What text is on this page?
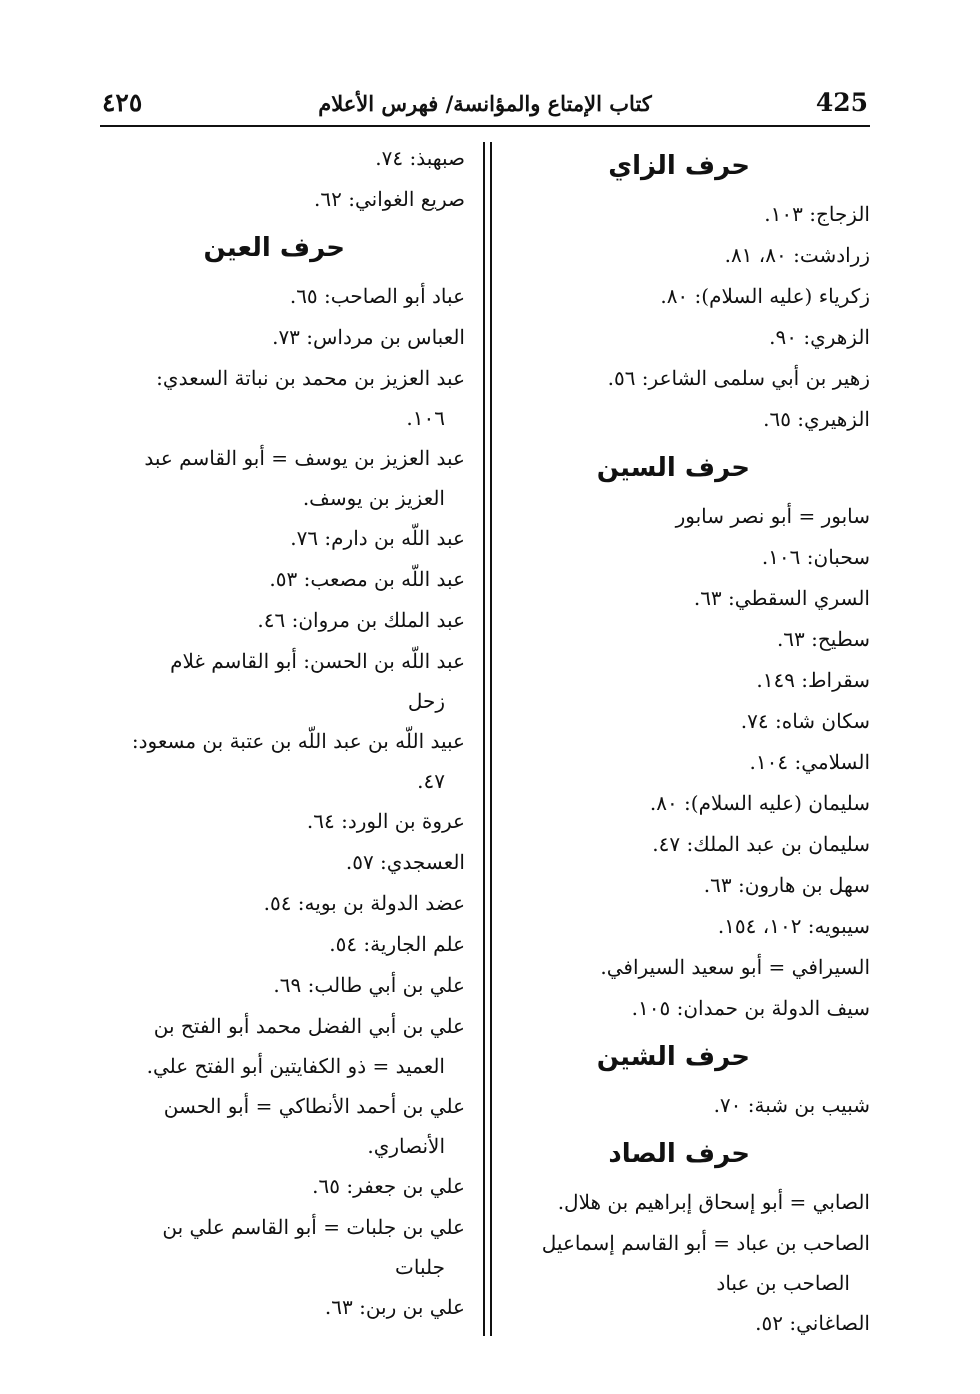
425
كتاب الإمتاع والمؤانسة/ فهرس الأعلام
٤٢٥
حرف الزاي
الزجاج: ١٠٣.
زرادشت: ٨٠، ٨١.
زكرياء (عليه السلام): ٨٠.
الزهري: ٩٠.
زهير بن أبي سلمى الشاعر: ٥٦.
الزهيري: ٦٥.
حرف السين
سابور = أبو نصر سابور
سحبان: ١٠٦.
السري السقطي: ٦٣.
سطيح: ٦٣.
سقراط: ١٤٩.
سكان شاه: ٧٤.
السلامي: ١٠٤.
سليمان (عليه السلام): ٨٠.
سليمان بن عبد الملك: ٤٧.
سهل بن هارون: ٦٣.
سيبويه: ١٠٢، ١٥٤.
السيرافي = أبو سعيد السيرافي.
سيف الدولة بن حمدان: ١٠٥.
حرف الشين
شبيب بن شبة: ٧٠.
حرف الصاد
الصابي = أبو إسحاق إبراهيم بن هلال.
الصاحب بن عباد = أبو القاسم إسماعيل
الصاحب بن عباد
الصاغاني: ٥٢.
صبهبذ: ٧٤.
صريع الغواني: ٦٢.
حرف العين
عباد أبو الصاحب: ٦٥.
العباس بن مرداس: ٧٣.
عبد العزيز بن محمد بن نباتة السعدي:
١٠٦.
عبد العزيز بن يوسف = أبو القاسم عبد
العزيز بن يوسف.
عبد اللّه بن دارم: ٧٦.
عبد اللّه بن مصعب: ٥٣.
عبد الملك بن مروان: ٤٦.
عبد اللّه بن الحسن: أبو القاسم غلام
زحل
عبيد اللّه بن عبد اللّه بن عتبة بن مسعود:
٤٧.
عروة بن الورد: ٦٤.
العسجدي: ٥٧.
عضد الدولة بن بويه: ٥٤.
علم الجارية: ٥٤.
علي بن أبي طالب: ٦٩.
علي بن أبي الفضل محمد أبو الفتح بن
العميد = ذو الكفايتين أبو الفتح علي.
علي بن أحمد الأنطاكي = أبو الحسن
الأنصاري.
علي بن جعفر: ٦٥.
علي بن جلبات = أبو القاسم علي بن
جلبات
علي بن ربن: ٦٣.
